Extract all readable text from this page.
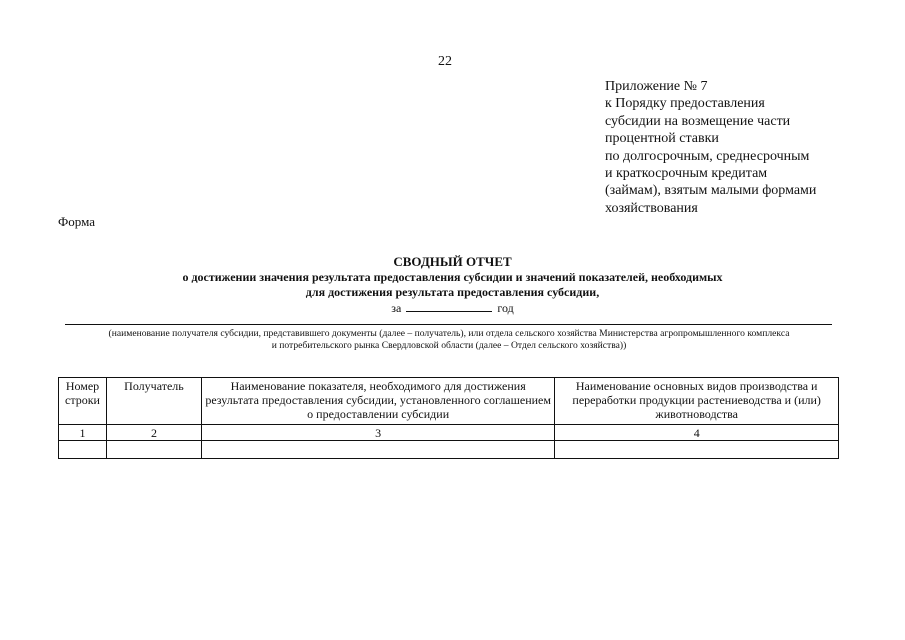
22
Приложение № 7
к Порядку предоставления
субсидии на возмещение части
процентной ставки
по долгосрочным, среднесрочным
и краткосрочным кредитам
(займам), взятым малыми формами
хозяйствования
Форма
СВОДНЫЙ ОТЧЕТ
о достижении значения результата предоставления субсидии и значений показателей, необходимых
для достижения результата предоставления субсидии,
за	год
(наименование получателя субсидии, представившего документы (далее – получатель), или отдела сельского хозяйства Министерства агропромышленного комплекса
и потребительского рынка Свердловской области (далее – Отдел сельского хозяйства))
Номер строки	Получатель	Наименование показателя, необходимого для достижения результата предоставления субсидии, установленного соглашением о предоставлении субсидии	Наименование основных видов производства и переработки продукции растениеводства и (или) животноводства
1	2	3	4
